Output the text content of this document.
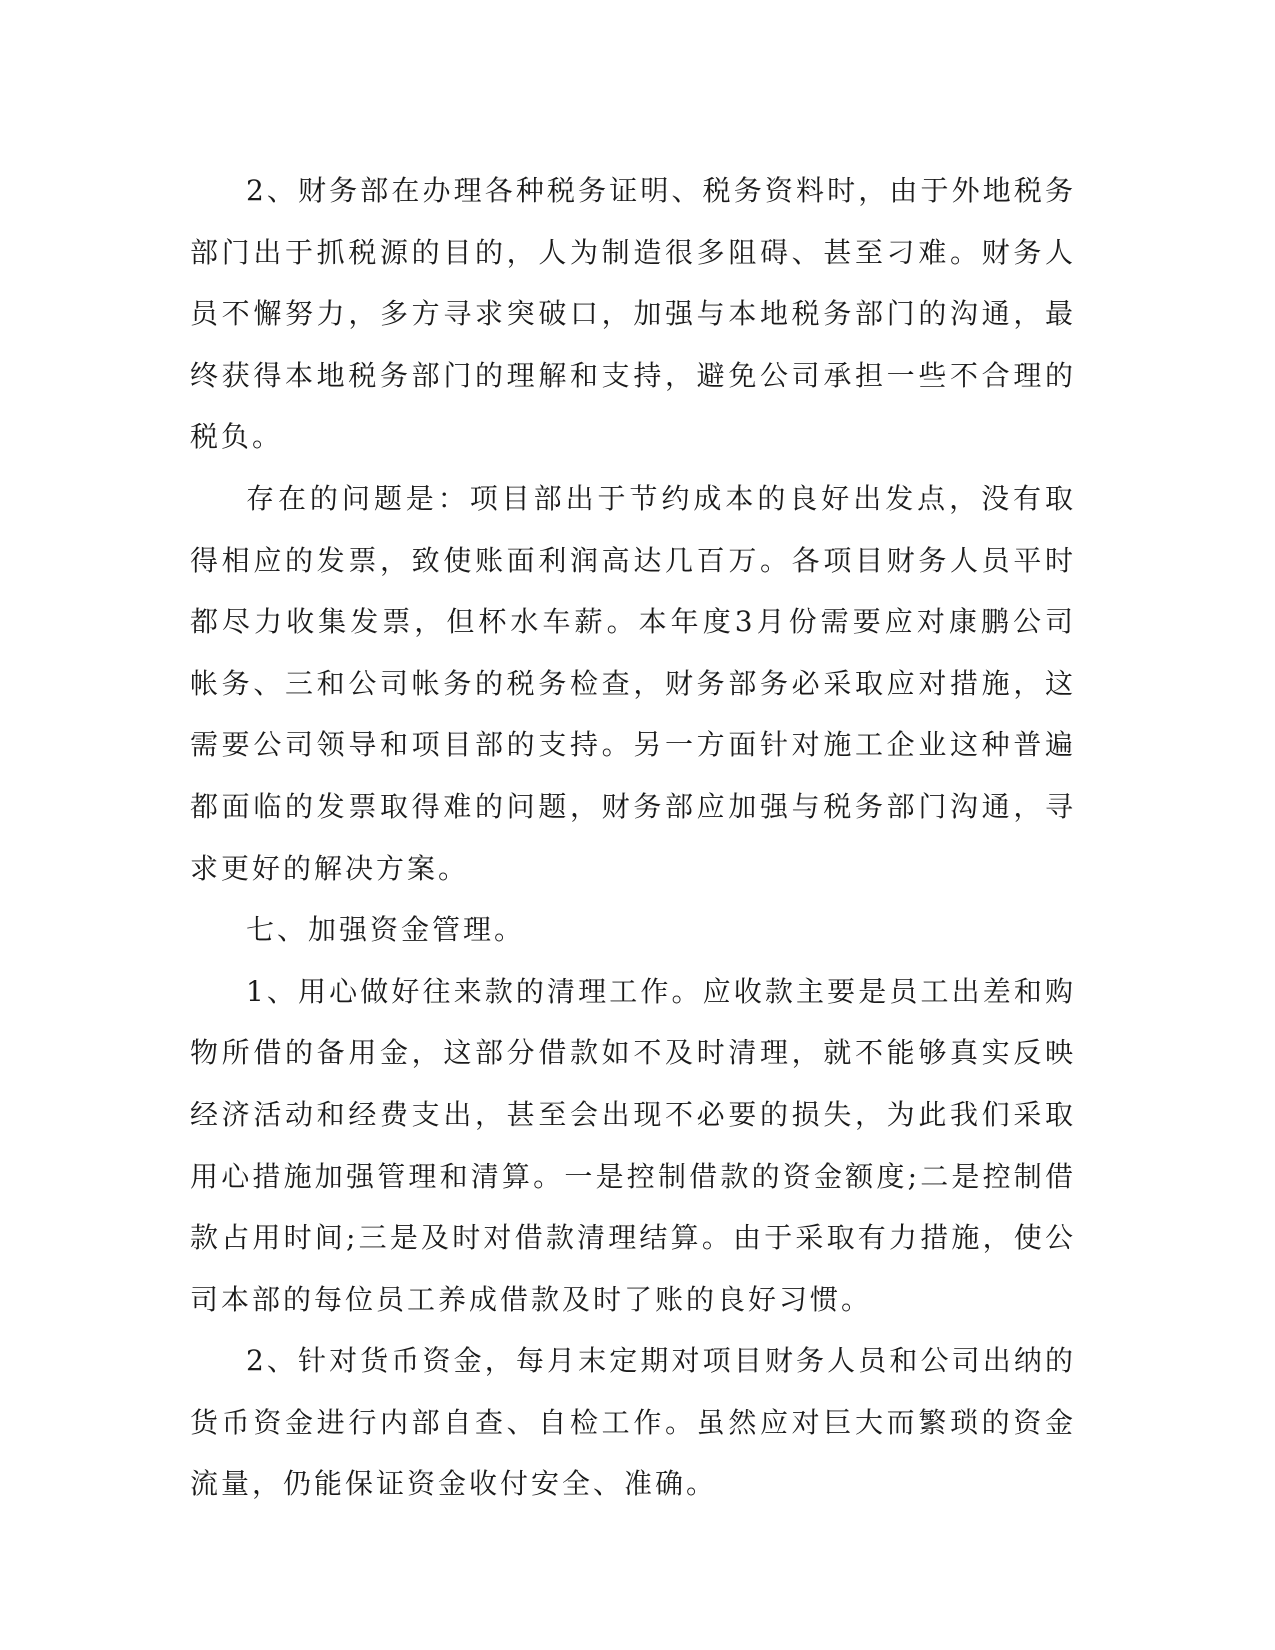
2、财务部在办理各种税务证明、税务资料时，由于外地税务部门出于抓税源的目的，人为制造很多阻碍、甚至刁难。财务人员不懈努力，多方寻求突破口，加强与本地税务部门的沟通，最终获得本地税务部门的理解和支持，避免公司承担一些不合理的税负。

存在的问题是：项目部出于节约成本的良好出发点，没有取得相应的发票，致使账面利润高达几百万。各项目财务人员平时都尽力收集发票，但杯水车薪。本年度3月份需要应对康鹏公司帐务、三和公司帐务的税务检查，财务部务必采取应对措施，这需要公司领导和项目部的支持。另一方面针对施工企业这种普遍都面临的发票取得难的问题，财务部应加强与税务部门沟通，寻求更好的解决方案。

七、加强资金管理。

1、用心做好往来款的清理工作。应收款主要是员工出差和购物所借的备用金，这部分借款如不及时清理，就不能够真实反映经济活动和经费支出，甚至会出现不必要的损失，为此我们采取用心措施加强管理和清算。一是控制借款的资金额度;二是控制借款占用时间;三是及时对借款清理结算。由于采取有力措施，使公司本部的每位员工养成借款及时了账的良好习惯。

2、针对货币资金，每月末定期对项目财务人员和公司出纳的货币资金进行内部自查、自检工作。虽然应对巨大而繁琐的资金流量，仍能保证资金收付安全、准确。
